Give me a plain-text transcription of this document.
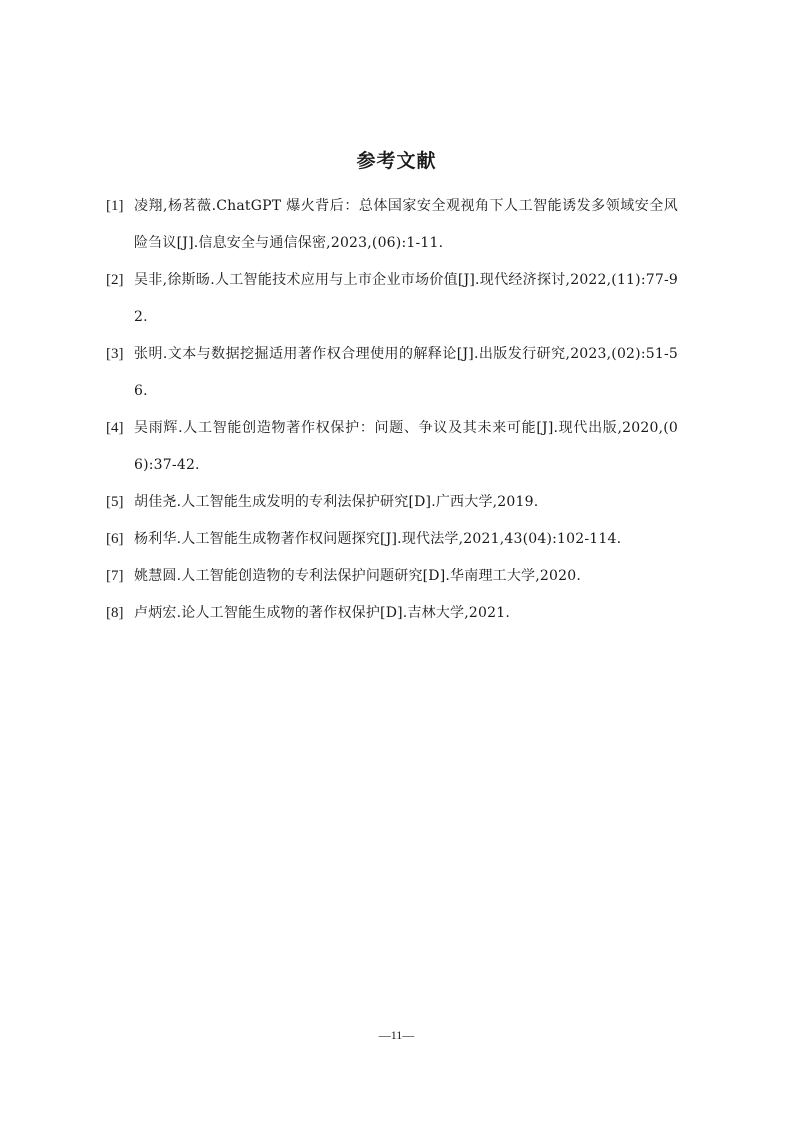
参考文献
[1] 凌翔,杨茗薇.ChatGPT 爆火背后：总体国家安全观视角下人工智能诱发多领域安全风险刍议[J].信息安全与通信保密,2023,(06):1-11.
[2] 吴非,徐斯旸.人工智能技术应用与上市企业市场价值[J].现代经济探讨,2022,(11):77-92.
[3] 张明.文本与数据挖掘适用著作权合理使用的解释论[J].出版发行研究,2023,(02):51-56.
[4] 吴雨辉.人工智能创造物著作权保护：问题、争议及其未来可能[J].现代出版,2020,(06):37-42.
[5] 胡佳尧.人工智能生成发明的专利法保护研究[D].广西大学,2019.
[6] 杨利华.人工智能生成物著作权问题探究[J].现代法学,2021,43(04):102-114.
[7] 姚慧圆.人工智能创造物的专利法保护问题研究[D].华南理工大学,2020.
[8] 卢炳宏.论人工智能生成物的著作权保护[D].吉林大学,2021.
—11—
